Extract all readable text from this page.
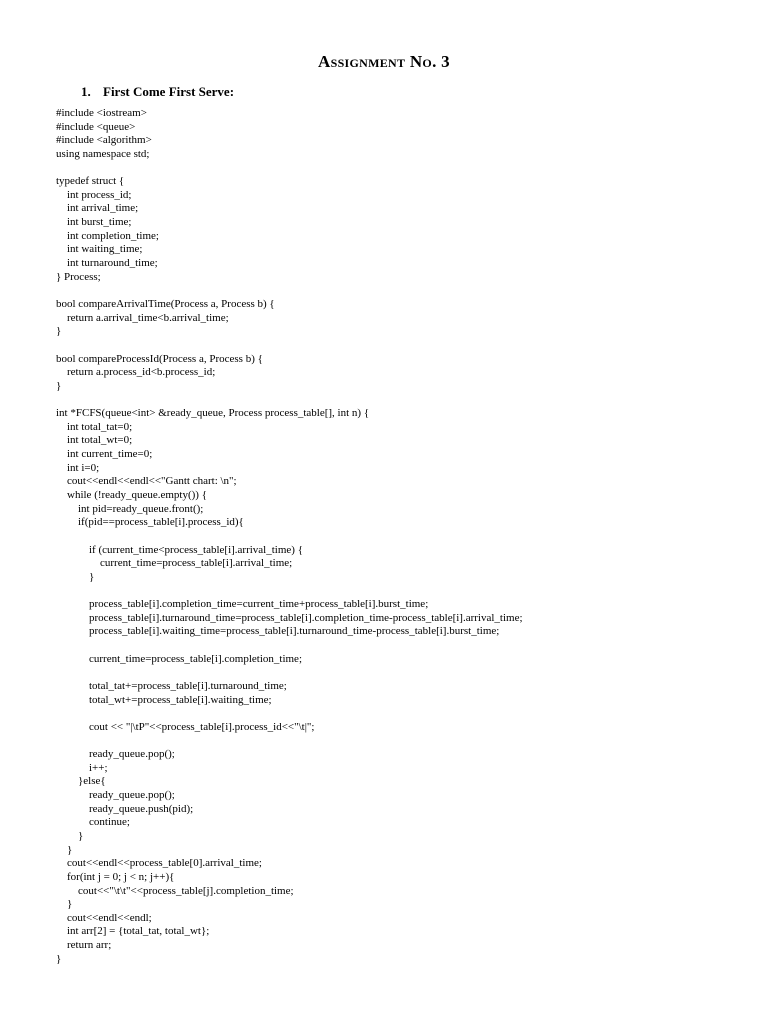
Assignment No. 3
1. First Come First Serve:
#include <iostream>
#include <queue>
#include <algorithm>
using namespace std;
typedef struct {
int process_id;
int arrival_time;
int burst_time;
int completion_time;
int waiting_time;
int turnaround_time;
} Process;
bool compareArrivalTime(Process a, Process b) {
return a.arrival_time<b.arrival_time;
}
bool compareProcessId(Process a, Process b) {
return a.process_id<b.process_id;
}
int *FCFS(queue<int> &ready_queue, Process process_table[], int n) {
int total_tat=0;
int total_wt=0;
int current_time=0;
int i=0;
cout<<endl<<endl<<"Gantt chart: \n";
while (!ready_queue.empty()) {
int pid=ready_queue.front();
if(pid==process_table[i].process_id){
if (current_time<process_table[i].arrival_time) {
current_time=process_table[i].arrival_time;
}
process_table[i].completion_time=current_time+process_table[i].burst_time;
process_table[i].turnaround_time=process_table[i].completion_time-process_table[i].arrival_time;
process_table[i].waiting_time=process_table[i].turnaround_time-process_table[i].burst_time;
current_time=process_table[i].completion_time;
total_tat+=process_table[i].turnaround_time;
total_wt+=process_table[i].waiting_time;
cout << "|\tP"<<process_table[i].process_id<<"\t|";
ready_queue.pop();
i++;
}else{
ready_queue.pop();
ready_queue.push(pid);
continue;
}
}
cout<<endl<<process_table[0].arrival_time;
for(int j = 0; j < n; j++){
cout<<"\t\t"<<process_table[j].completion_time;
}
cout<<endl<<endl;
int arr[2] = {total_tat, total_wt};
return arr;
}
